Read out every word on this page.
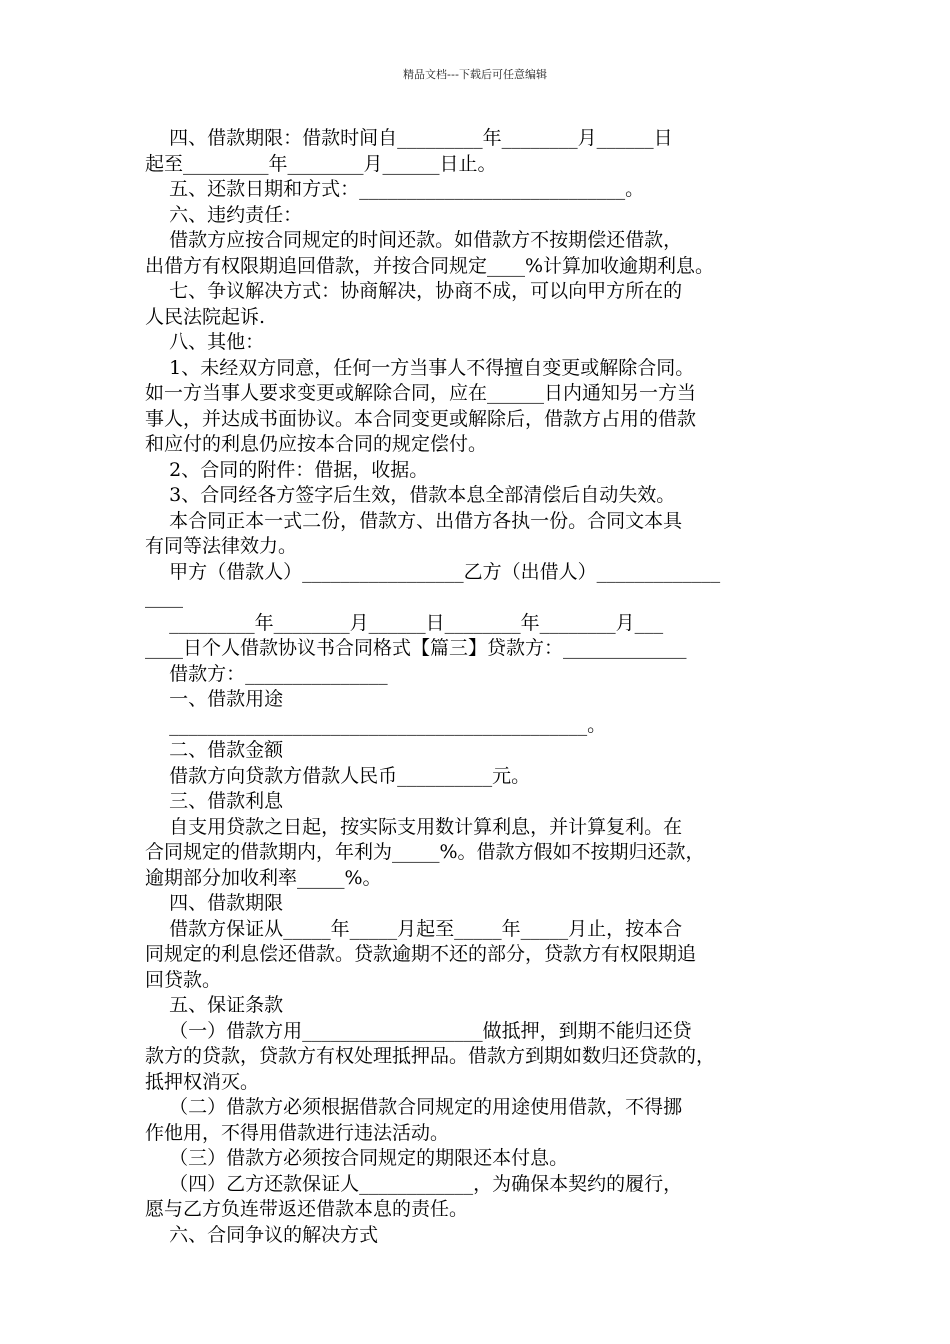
精品文档---下载后可任意编辑
四、借款期限：借款时间自_________年________月______日
起至_________年________月______日止。
五、还款日期和方式：____________________________。
六、违约责任：
借款方应按合同规定的时间还款。如借款方不按期偿还借款，
出借方有权限期追回借款，并按合同规定____%计算加收逾期利息。
七、争议解决方式：协商解决，协商不成，可以向甲方所在的
人民法院起诉.
八、其他：
1、未经双方同意，任何一方当事人不得擅自变更或解除合同。
如一方当事人要求变更或解除合同，应在______日内通知另一方当
事人，并达成书面协议。本合同变更或解除后，借款方占用的借款
和应付的利息仍应按本合同的规定偿付。
2、合同的附件：借据，收据。
3、合同经各方签字后生效，借款本息全部清偿后自动失效。
本合同正本一式二份，借款方、出借方各执一份。合同文本具
有同等法律效力。
甲方（借款人）_________________乙方（出借人）_____________
____
_________年________月______日________年________月___
____日个人借款协议书合同格式【篇三】贷款方：_____________
借款方：_______________
一、借款用途
____________________________________________。
二、借款金额
借款方向贷款方借款人民币__________元。
三、借款利息
自支用贷款之日起，按实际支用数计算利息，并计算复利。在
合同规定的借款期内，年利为_____%。借款方假如不按期归还款，
逾期部分加收利率_____%。
四、借款期限
借款方保证从_____年_____月起至_____年_____月止，按本合
同规定的利息偿还借款。贷款逾期不还的部分，贷款方有权限期追
回贷款。
五、保证条款
（一）借款方用___________________做抵押，到期不能归还贷
款方的贷款，贷款方有权处理抵押品。借款方到期如数归还贷款的，
抵押权消灭。
（二）借款方必须根据借款合同规定的用途使用借款，不得挪
作他用，不得用借款进行违法活动。
（三）借款方必须按合同规定的期限还本付息。
（四）乙方还款保证人____________，为确保本契约的履行，
愿与乙方负连带返还借款本息的责任。
六、合同争议的解决方式
